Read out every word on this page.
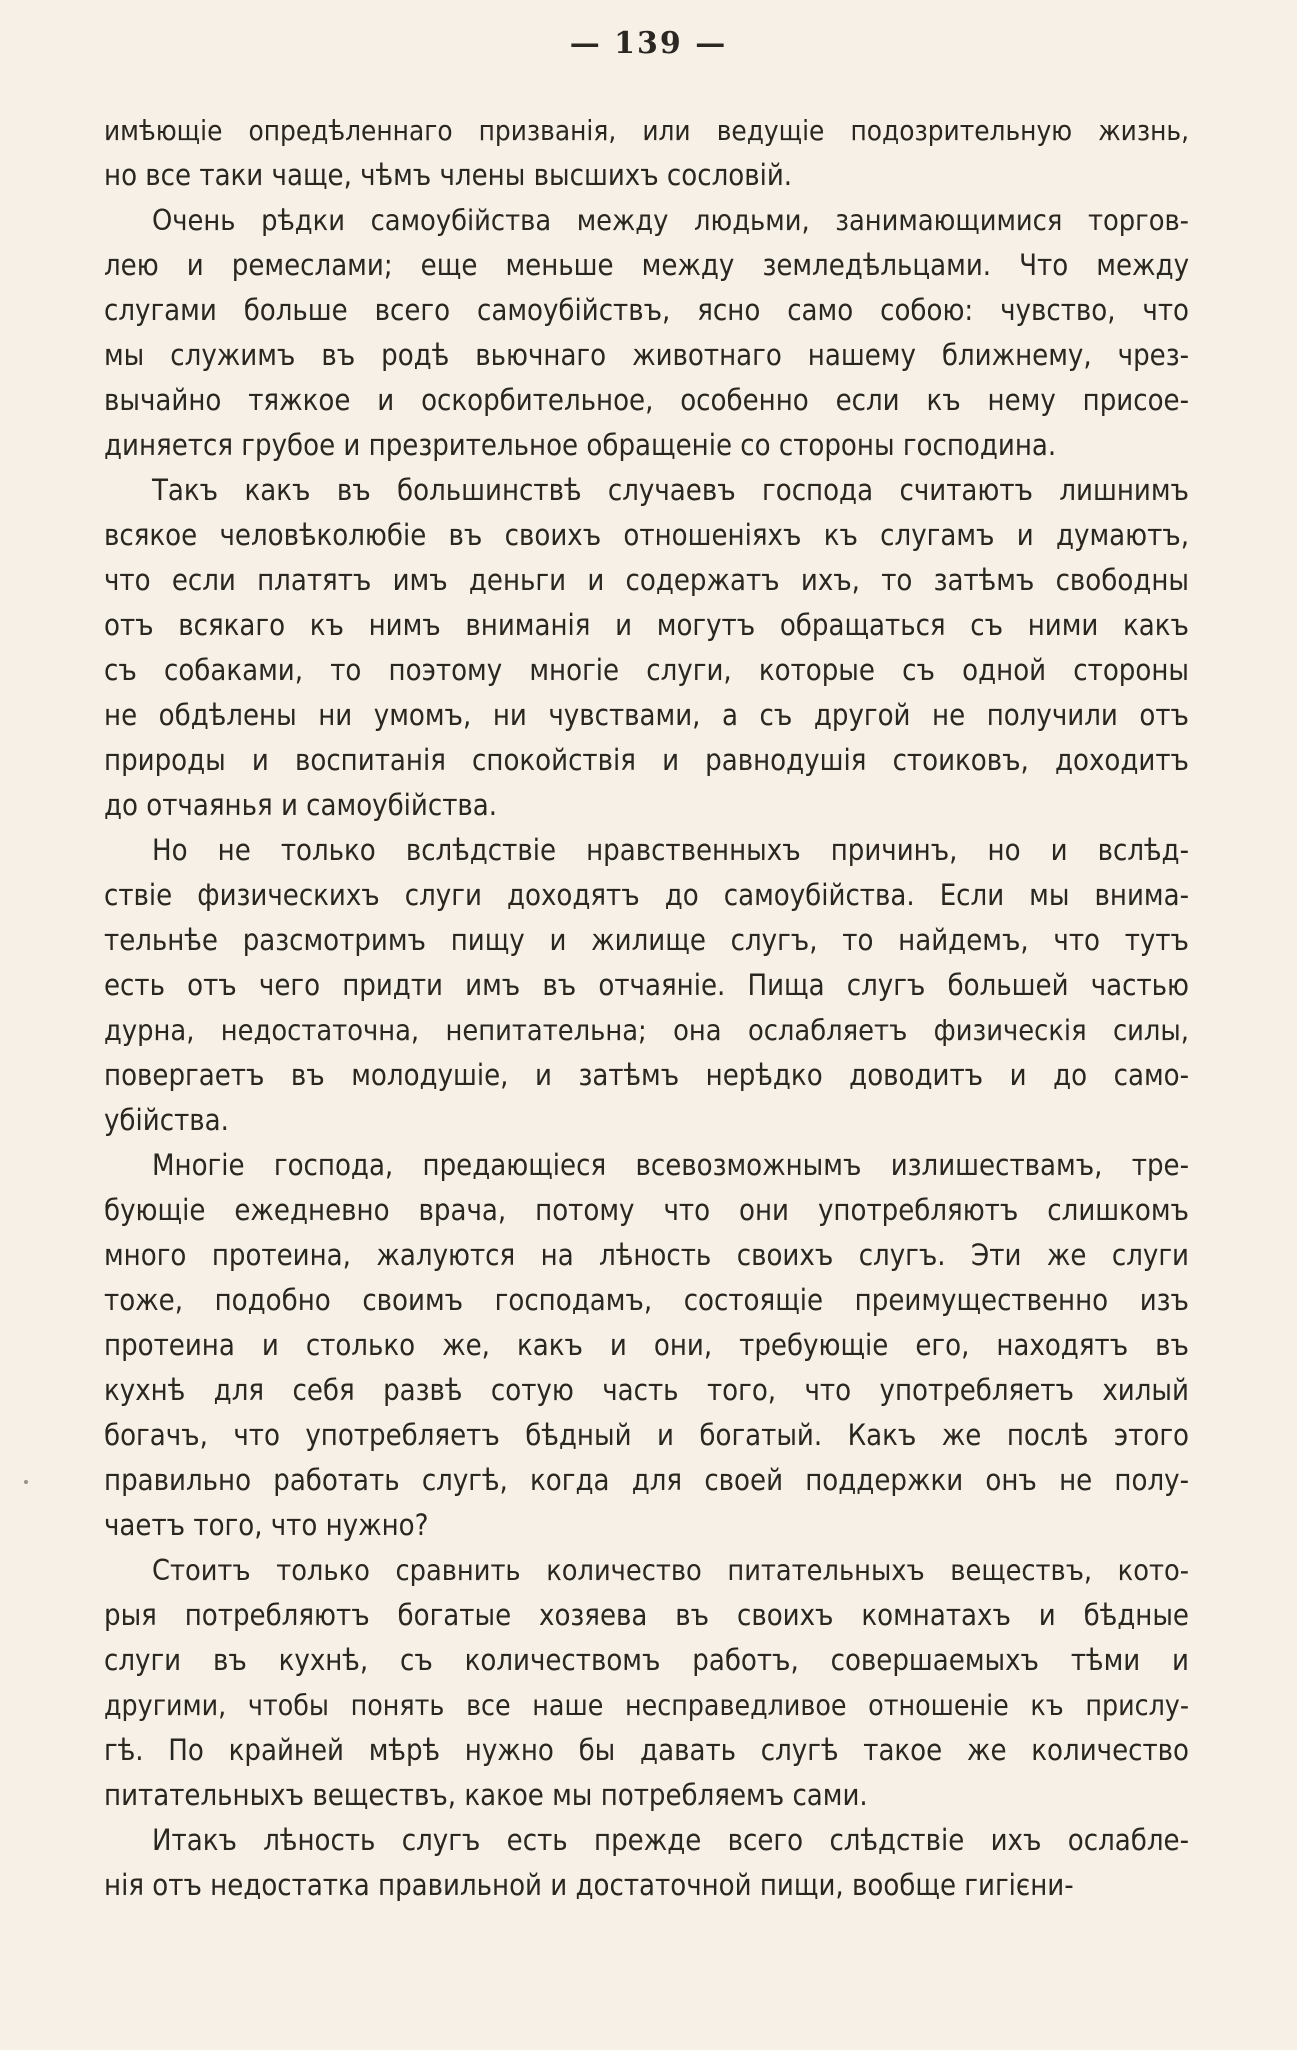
— 139 —
имѣющіе опредѣленнаго призванія, или ведущіе подозрительную жизнь,
но все таки чаще, чѣмъ члены высшихъ сословій.
Очень рѣдки самоубійства между людьми, занимающимися торгов-
лею и ремеслами; еще меньше между земледѣльцами. Что между
слугами больше всего самоубійствъ, ясно само собою: чувство, что
мы служимъ въ родѣ вьючнаго животнаго нашему ближнему, чрез-
вычайно тяжкое и оскорбительное, особенно если къ нему присое-
диняется грубое и презрительное обращеніе со стороны господина.
Такъ какъ въ большинствѣ случаевъ господа считаютъ лишнимъ
всякое человѣколюбіе въ своихъ отношеніяхъ къ слугамъ и думаютъ,
что если платятъ имъ деньги и содержатъ ихъ, то затѣмъ свободны
отъ всякаго къ нимъ вниманія и могутъ обращаться съ ними какъ
съ собаками, то поэтому многіе слуги, которые съ одной стороны
не обдѣлены ни умомъ, ни чувствами, а съ другой не получили отъ
природы и воспитанія спокойствія и равнодушія стоиковъ, доходитъ
до отчаянья и самоубійства.
Но не только вслѣдствіе нравственныхъ причинъ, но и вслѣд-
ствіе физическихъ слуги доходятъ до самоубійства. Если мы внима-
тельнѣе разсмотримъ пищу и жилище слугъ, то найдемъ, что тутъ
есть отъ чего придти имъ въ отчаяніе. Пища слугъ большей частью
дурна, недостаточна, непитательна; она ослабляетъ физическія силы,
повергаетъ въ молодушіе, и затѣмъ нерѣдко доводитъ и до само-
убійства.
Многіе господа, предающіеся всевозможнымъ излишествамъ, тре-
бующіе ежедневно врача, потому что они употребляютъ слишкомъ
много протеина, жалуются на лѣность своихъ слугъ. Эти же слуги
тоже, подобно своимъ господамъ, состоящіе преимущественно изъ
протеина и столько же, какъ и они, требующіе его, находятъ въ
кухнѣ для себя развѣ сотую часть того, что употребляетъ хилый
богачъ, что употребляетъ бѣдный и богатый. Какъ же послѣ этого
правильно работать слугѣ, когда для своей поддержки онъ не полу-
чаетъ того, что нужно?
Стоитъ только сравнить количество питательныхъ веществъ, кото-
рыя потребляютъ богатые хозяева въ своихъ комнатахъ и бѣдные
слуги въ кухнѣ, съ количествомъ работъ, совершаемыхъ тѣми и
другими, чтобы понять все наше несправедливое отношеніе къ прислу-
гѣ. По крайней мѣрѣ нужно бы давать слугѣ такое же количество
питательныхъ веществъ, какое мы потребляемъ сами.
Итакъ лѣность слугъ есть прежде всего слѣдствіе ихъ ослабле-
нія отъ недостатка правильной и достаточной пищи, вообще гигієни-
